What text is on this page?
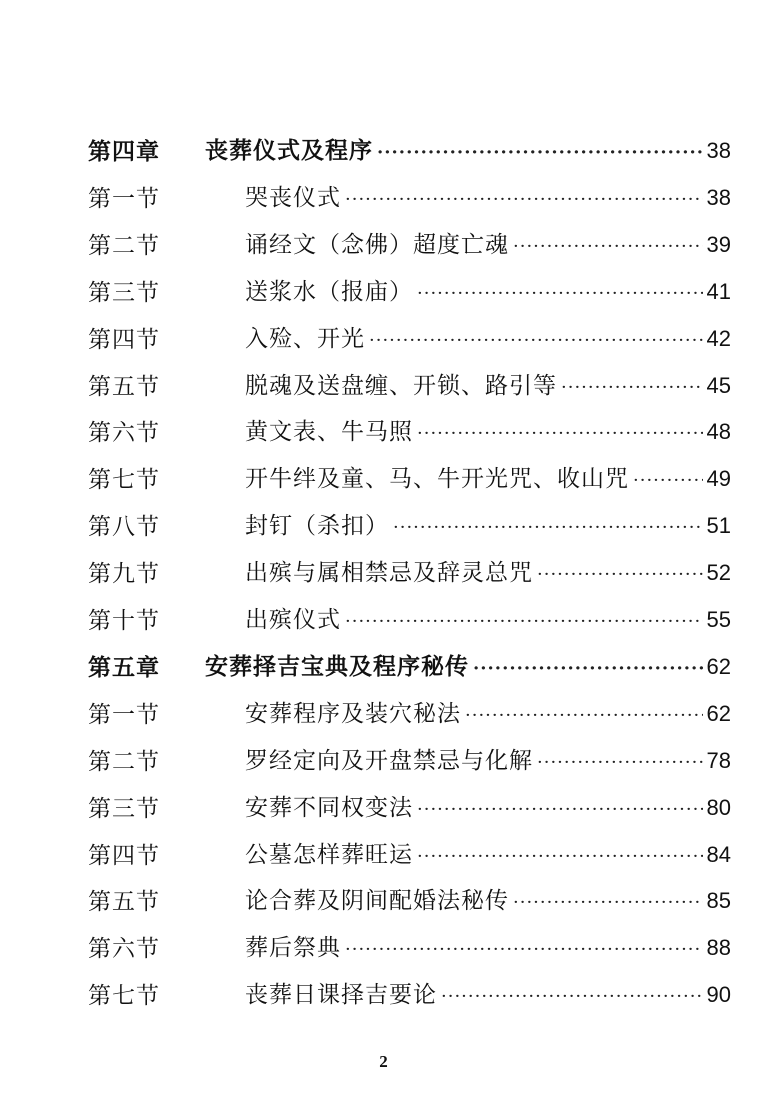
第四章 丧葬仪式及程序 ·····	38
第一节	哭丧仪式 ·····	38
第二节	诵经文（念佛）超度亡魂 ·····	39
第三节	送浆水（报庙） ·····	41
第四节	入殓、开光 ·····	42
第五节	脱魂及送盘缠、开锁、路引等 ·····	45
第六节	黄文表、牛马照 ·····	48
第七节	开牛绊及童、马、牛开光咒、收山咒 ·····	49
第八节	封钉（杀扣） ·····	51
第九节	出殡与属相禁忌及辞灵总咒 ·····	52
第十节	出殡仪式 ·····	55
第五章 安葬择吉宝典及程序秘传 ·····	62
第一节	安葬程序及装穴秘法 ·····	62
第二节	罗经定向及开盘禁忌与化解 ·····	78
第三节	安葬不同权变法 ·····	80
第四节	公墓怎样葬旺运 ·····	84
第五节	论合葬及阴间配婚法秘传 ·····	85
第六节	葬后祭典 ·····	88
第七节	丧葬日课择吉要论 ·····	90
2
